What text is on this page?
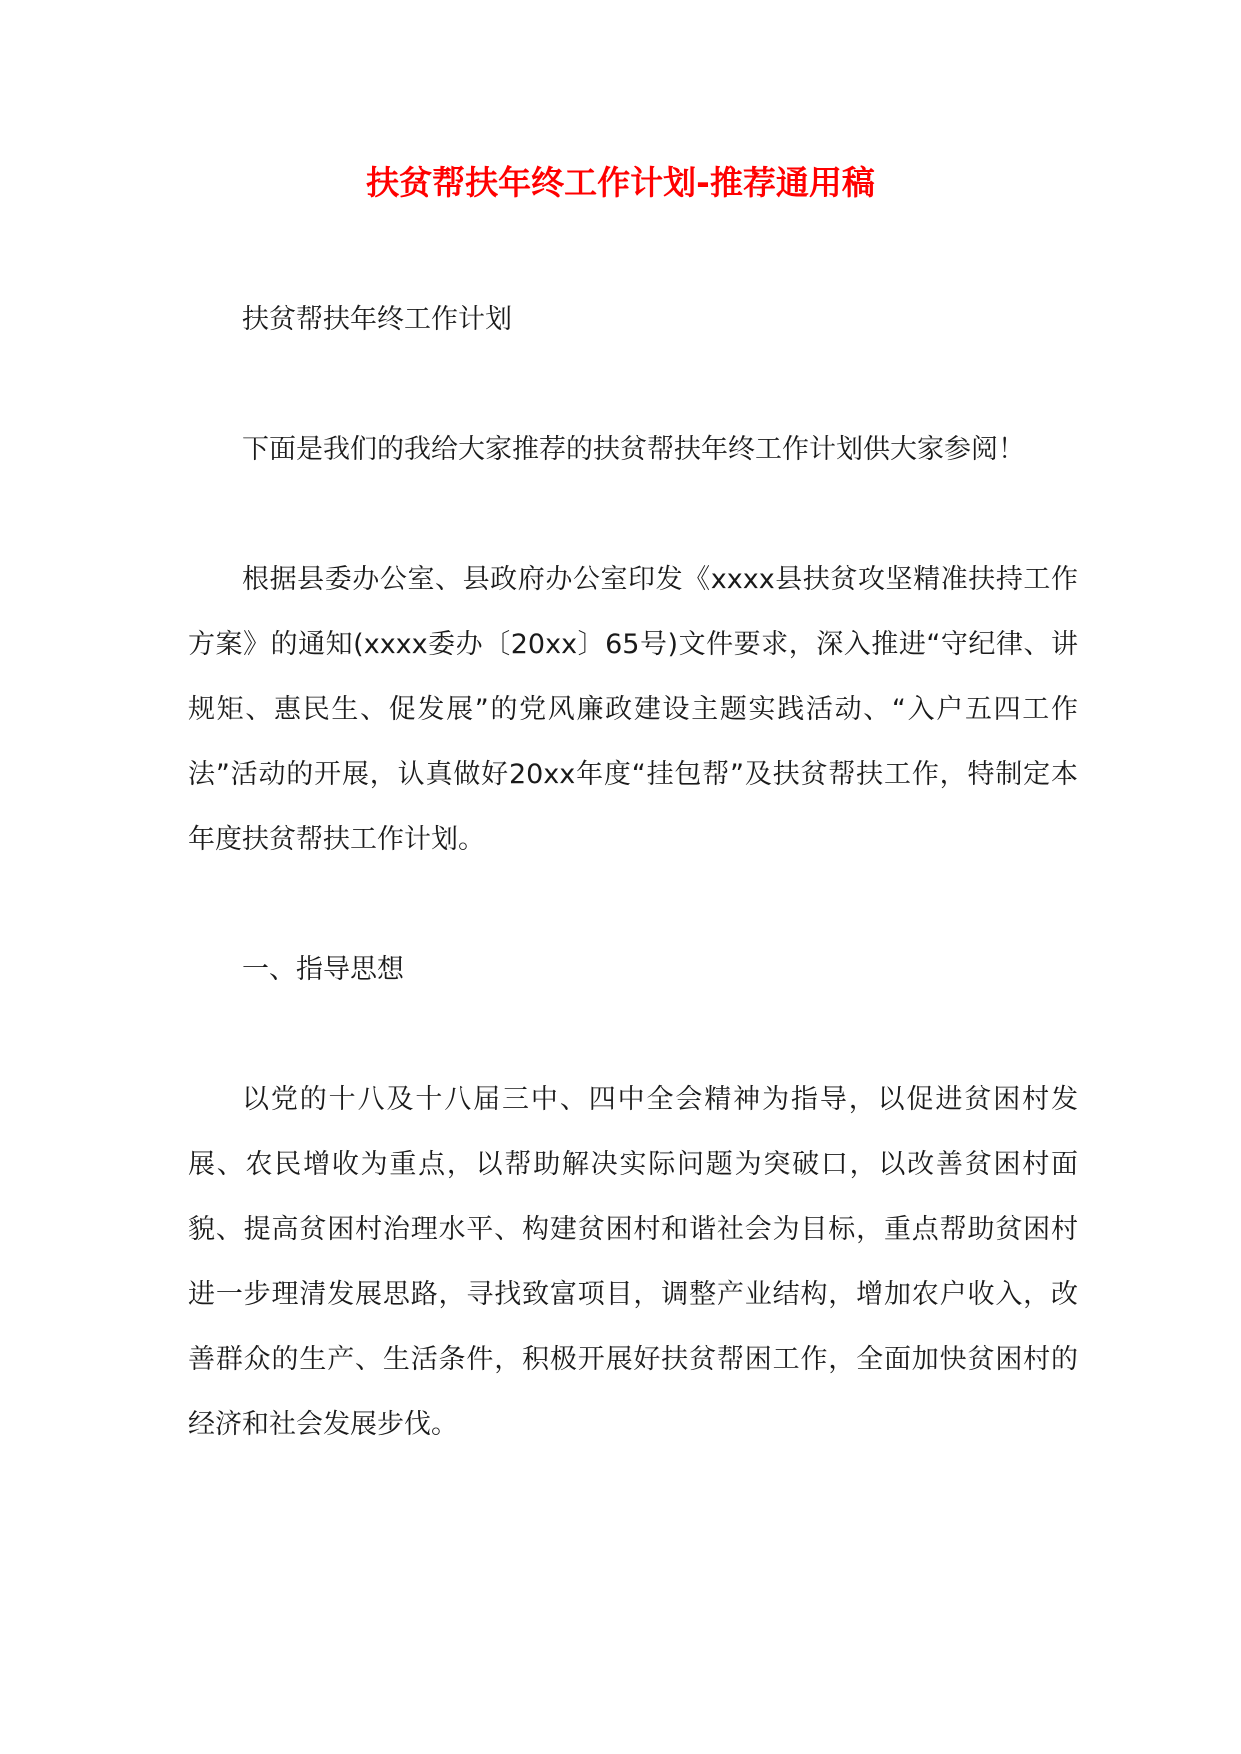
扶贫帮扶年终工作计划-推荐通用稿

扶贫帮扶年终工作计划

下面是我们的我给大家推荐的扶贫帮扶年终工作计划供大家参阅！

根据县委办公室、县政府办公室印发《xxxx县扶贫攻坚精准扶持工作方案》的通知(xxxx委办〔20xx〕65号)文件要求，深入推进“守纪律、讲规矩、惠民生、促发展”的党风廉政建设主题实践活动、“入户五四工作法”活动的开展，认真做好20xx年度“挂包帮”及扶贫帮扶工作，特制定本年度扶贫帮扶工作计划。

一、指导思想

以党的十八及十八届三中、四中全会精神为指导，以促进贫困村发展、农民增收为重点，以帮助解决实际问题为突破口，以改善贫困村面貌、提高贫困村治理水平、构建贫困村和谐社会为目标，重点帮助贫困村进一步理清发展思路，寻找致富项目，调整产业结构，增加农户收入，改善群众的生产、生活条件，积极开展好扶贫帮困工作，全面加快贫困村的经济和社会发展步伐。
